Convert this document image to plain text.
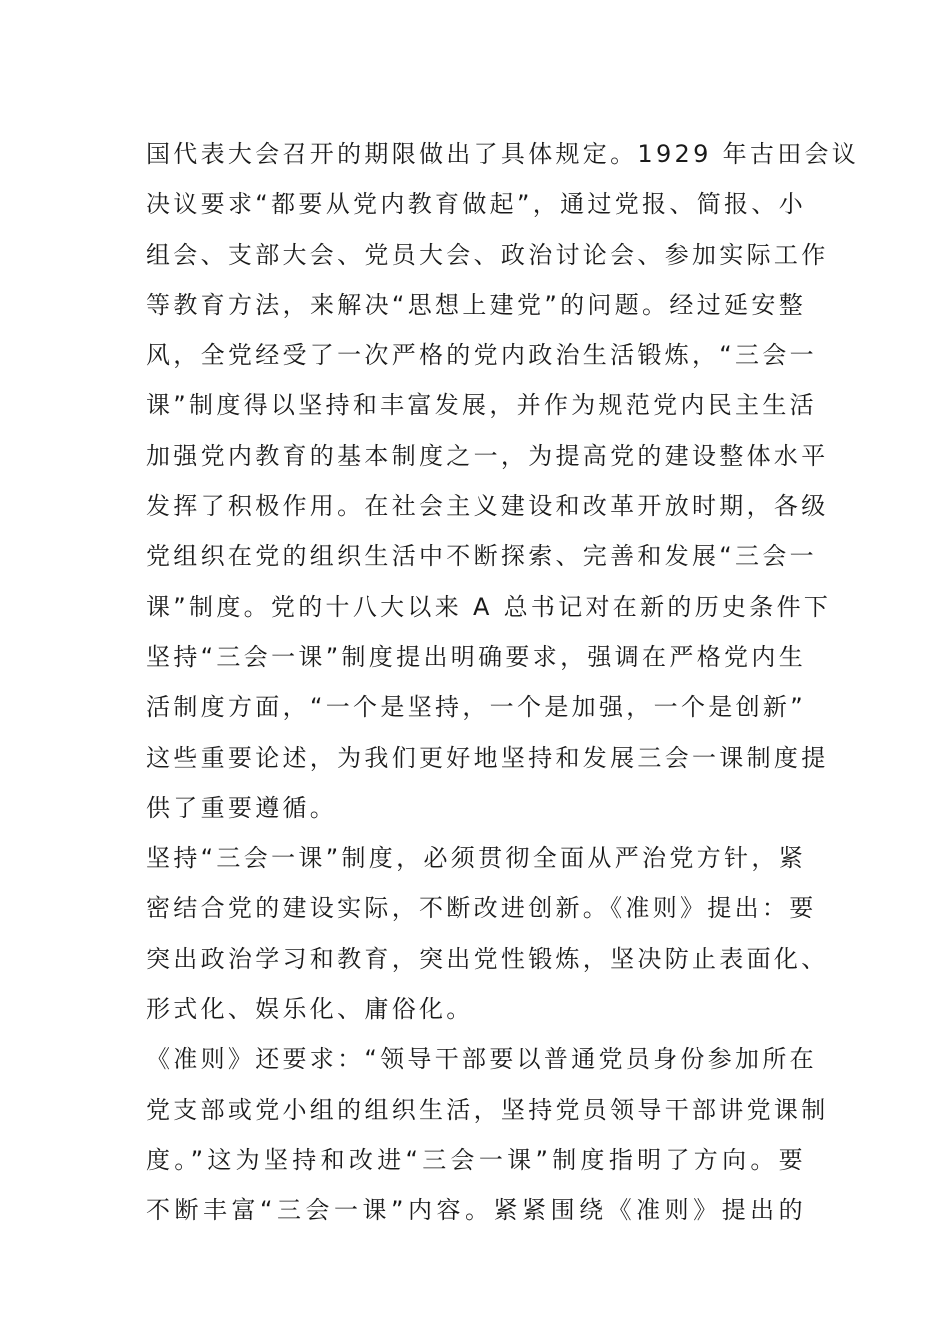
国代表大会召开的期限做出了具体规定。1929 年古田会议
决议要求“都要从党内教育做起”，通过党报、简报、小
组会、支部大会、党员大会、政治讨论会、参加实际工作
等教育方法，来解决“思想上建党”的问题。经过延安整
风，全党经受了一次严格的党内政治生活锻炼，“三会一
课”制度得以坚持和丰富发展，并作为规范党内民主生活
加强党内教育的基本制度之一，为提高党的建设整体水平
发挥了积极作用。在社会主义建设和改革开放时期，各级
党组织在党的组织生活中不断探索、完善和发展“三会一
课”制度。党的十八大以来 A 总书记对在新的历史条件下
坚持“三会一课”制度提出明确要求，强调在严格党内生
活制度方面，“一个是坚持，一个是加强，一个是创新”
这些重要论述，为我们更好地坚持和发展三会一课制度提
供了重要遵循。
坚持“三会一课”制度，必须贯彻全面从严治党方针，紧
密结合党的建设实际，不断改进创新。《准则》提出：要
突出政治学习和教育，突出党性锻炼，坚决防止表面化、
形式化、娱乐化、庸俗化。
《准则》还要求：“领导干部要以普通党员身份参加所在
党支部或党小组的组织生活，坚持党员领导干部讲党课制
度。”这为坚持和改进“三会一课”制度指明了方向。要
不断丰富“三会一课”内容。紧紧围绕《准则》提出的
